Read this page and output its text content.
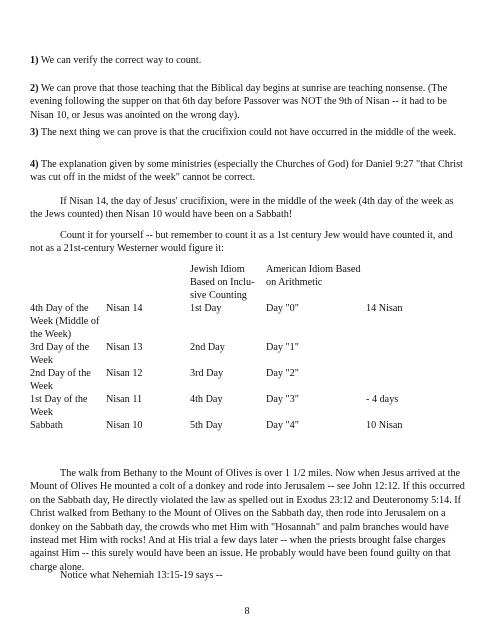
1) We can verify the correct way to count.

2) We can prove that those teaching that the Biblical day begins at sunrise are teaching nonsense. (The evening following the supper on that 6th day before Passover was NOT the 9th of Nisan -- it had to be Nisan 10, or Jesus was anointed on the wrong day).

3) The next thing we can prove is that the crucifixion could not have occurred in the middle of the week.

4) The explanation given by some ministries (especially the Churches of God) for Daniel 9:27 "that Christ was cut off in the midst of the week" cannot be correct.

If Nisan 14, the day of Jesus' crucifixion, were in the middle of the week (4th day of the week as the Jews counted) then Nisan 10 would have been on a Sabbath!

Count it for yourself -- but remember to count it as a 1st century Jew would have counted it, and not as a 21st-century Westerner would figure it:

		Jewish Idiom Based on Inclu-sive Counting	American Idiom Based on Arithmetic	
4th Day of the Week (Middle of the Week)	Nisan 14	1st Day	Day "0"	14 Nisan
3rd Day of the Week	Nisan 13	2nd Day	Day "1"	
2nd Day of the Week	Nisan 12	3rd Day	Day "2"	
1st Day of the Week	Nisan 11	4th Day	Day "3"	- 4 days
Sabbath	Nisan 10	5th Day	Day "4"	10 Nisan

The walk from Bethany to the Mount of Olives is over 1 1/2 miles. Now when Jesus arrived at the Mount of Olives He mounted a colt of a donkey and rode into Jerusalem -- see John 12:12. If this occurred on the Sabbath day, He directly violated the law as spelled out in Exodus 23:12 and Deuteronomy 5:14. If Christ walked from Bethany to the Mount of Olives on the Sabbath day, then rode into Jerusalem on a donkey on the Sabbath day, the crowds who met Him with "Hosannah" and palm branches would have instead met Him with rocks! And at His trial a few days later -- when the priests brought false charges against Him -- this surely would have been an issue. He probably would have been found guilty on that charge alone.

Notice what Nehemiah 13:15-19 says --

8
